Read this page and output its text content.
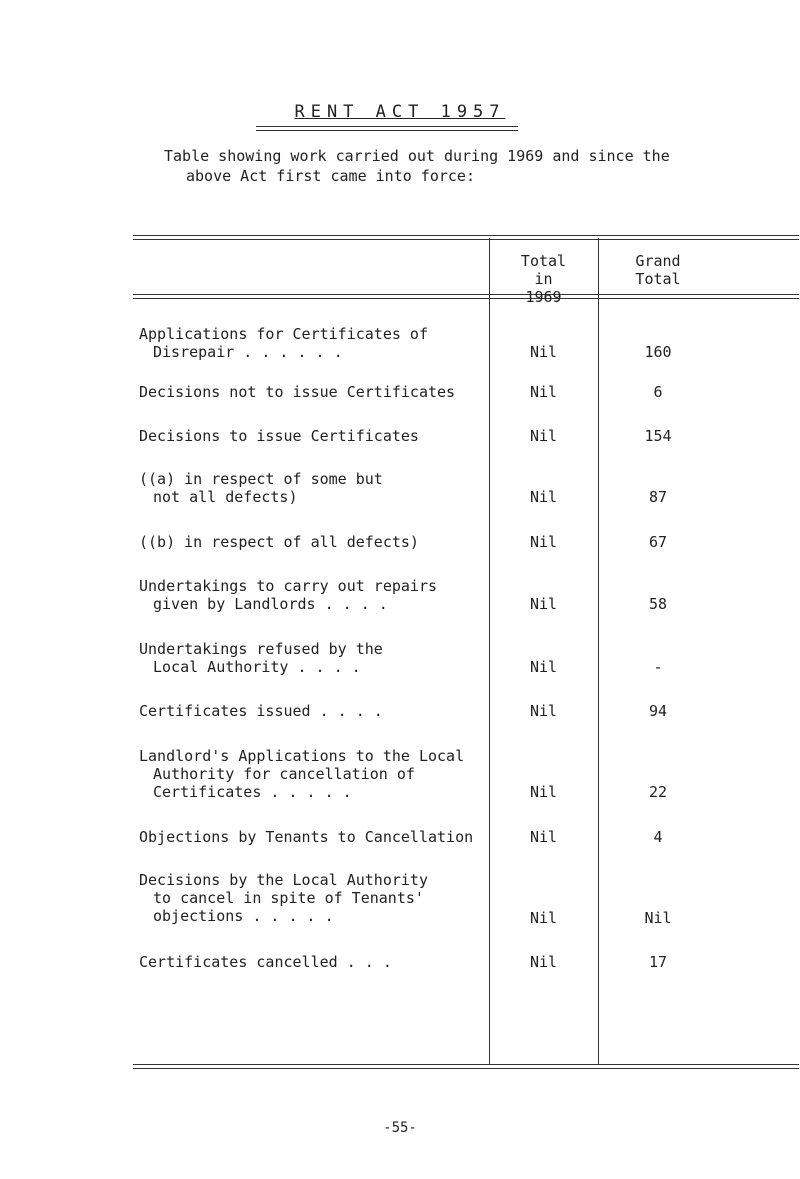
RENT ACT 1957
Table showing work carried out during 1969 and since the
above Act first came into force:
Total
in
1969
Grand
Total
Applications for Certificates of
Disrepair . . . . . .	Nil	160
Decisions not to issue Certificates	Nil	6
Decisions to issue Certificates	Nil	154
((a) in respect of some but
not all defects)	Nil	87
((b) in respect of all defects)	Nil	67
Undertakings to carry out repairs
given by Landlords . . . .	Nil	58
Undertakings refused by the
Local Authority . . . .	Nil	-
Certificates issued . . . .	Nil	94
Landlord's Applications to the Local
Authority for cancellation of
Certificates . . . . .	Nil	22
Objections by Tenants to Cancellation	Nil	4
Decisions by the Local Authority
to cancel in spite of Tenants'
objections . . . . .	Nil	Nil
Certificates cancelled . . .	Nil	17
-55-
